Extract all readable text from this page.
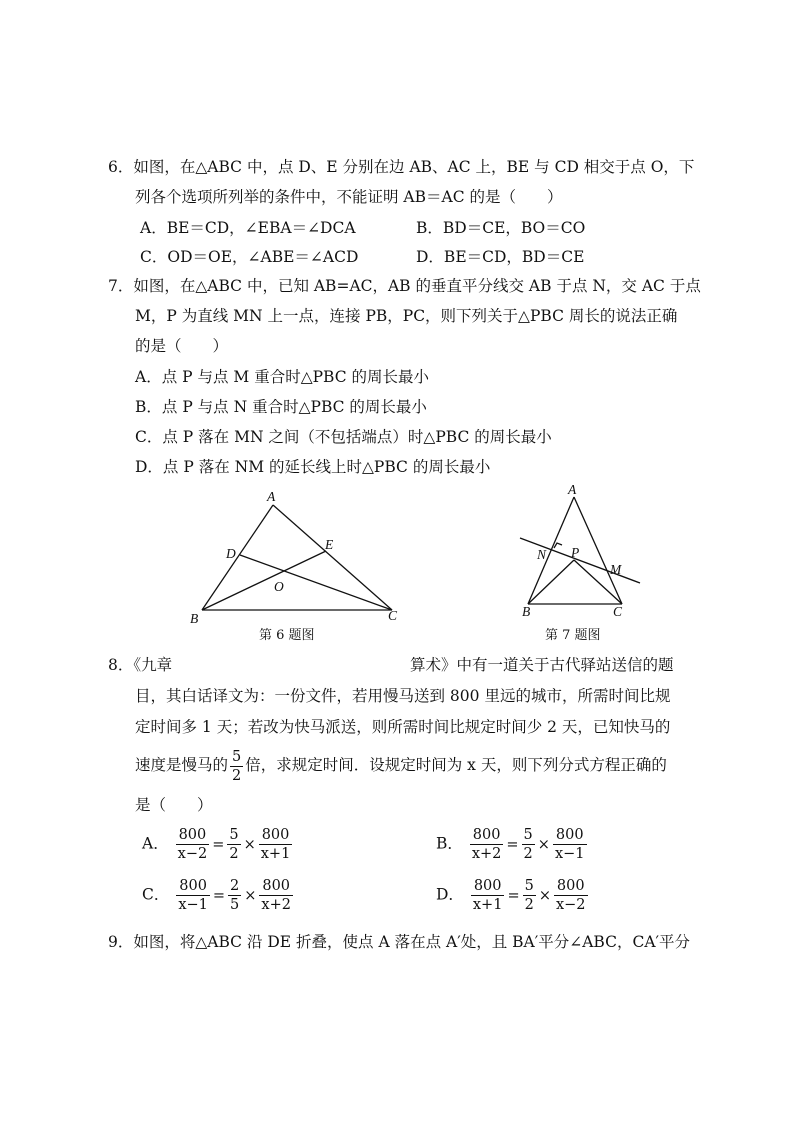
6．如图，在△ABC 中，点 D、E 分别在边 AB、AC 上，BE 与 CD 相交于点 O，下
列各个选项所列举的条件中，不能证明 AB＝AC 的是（　　）
A．BE＝CD，∠EBA＝∠DCA	B．BD＝CE，BO＝CO
C．OD＝OE，∠ABE＝∠ACD	D．BE＝CD，BD＝CE
7．如图，在△ABC 中，已知 AB=AC，AB 的垂直平分线交 AB 于点 N，交 AC 于点
M，P 为直线 MN 上一点，连接 PB，PC，则下列关于△PBC 周长的说法正确
的是（　　）
A．点 P 与点 M 重合时△PBC 的周长最小
B．点 P 与点 N 重合时△PBC 的周长最小
C．点 P 落在 MN 之间（不包括端点）时△PBC 的周长最小
D．点 P 落在 NM 的延长线上时△PBC 的周长最小
A
B	C
D
E
O
第 6 题图
A
B	C
N P
M
第 7 题图
8．《九章	算术》中有一道关于古代驿站送信的题
目，其白话译文为：一份文件，若用慢马送到 800 里远的城市，所需时间比规
定时间多 1 天；若改为快马派送，则所需时间比规定时间少 2 天，已知快马的
速度是慢马的 $\frac{5}{2}$ 倍，求规定时间．设规定时间为 x 天，则下列分式方程正确的
是（　　）
A． $\frac{800}{x-2} = \frac{5}{2} \times \frac{800}{x+1}$	B． $\frac{800}{x+2} = \frac{5}{2} \times \frac{800}{x-1}$
C． $\frac{800}{x-1} = \frac{2}{5} \times \frac{800}{x+2}$	D． $\frac{800}{x+1} = \frac{5}{2} \times \frac{800}{x-2}$
9．如图，将△ABC 沿 DE 折叠，使点 A 落在点 A′处，且 BA′平分∠ABC，CA′平分
